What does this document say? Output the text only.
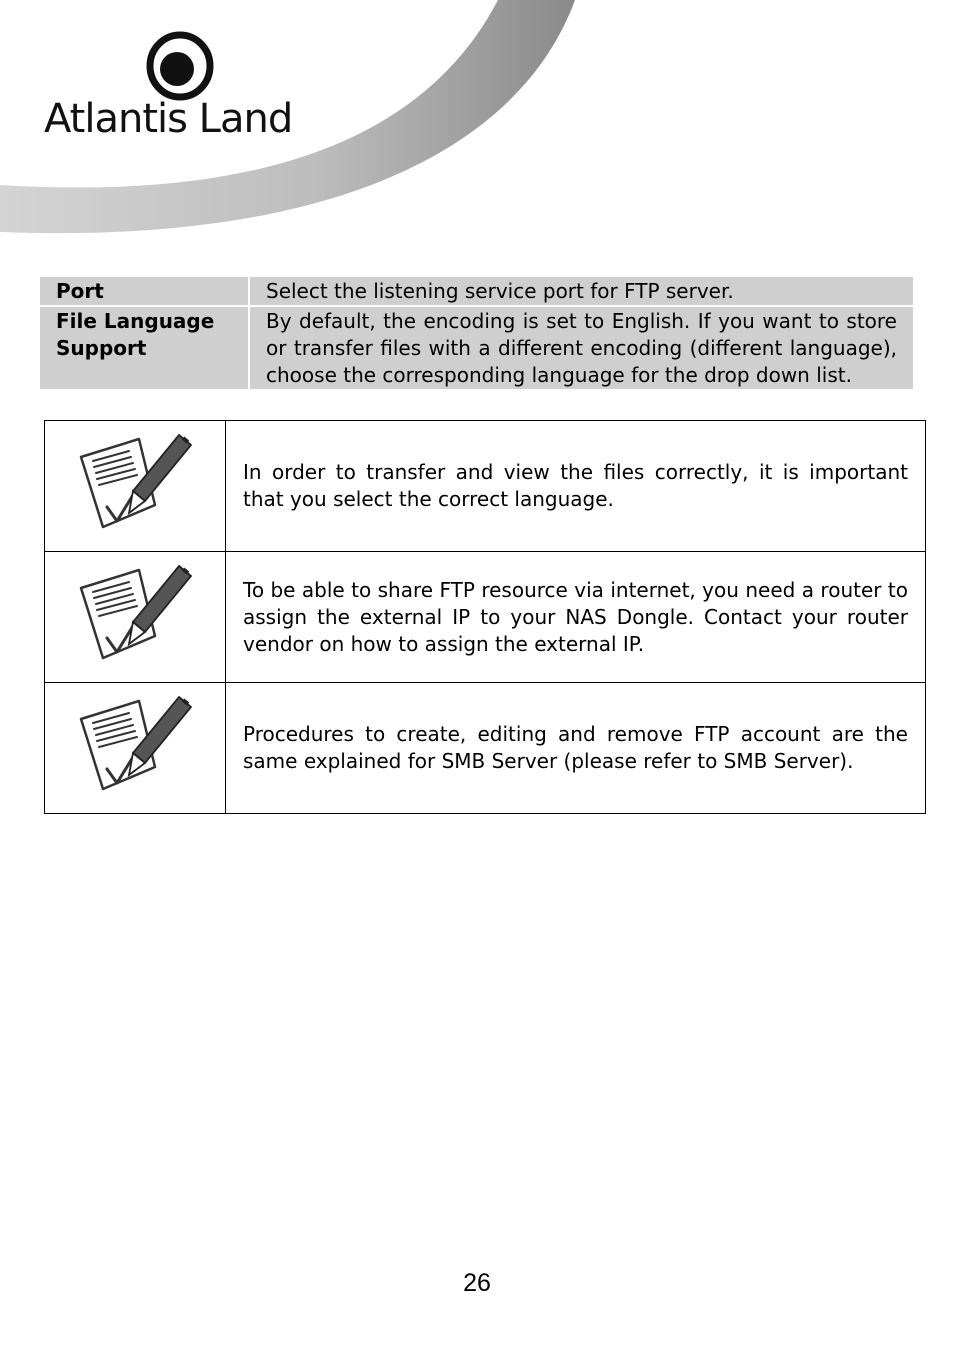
Atlantis Land
Port	Select the listening service port for FTP server.
File Language Support	By default, the encoding is set to English. If you want to store or transfer files with a different encoding (different language), choose the corresponding language for the drop down list.
	In order to transfer and view the files correctly, it is important that you select the correct language.

	To be able to share FTP resource via internet, you need a router to assign the external IP to your NAS Dongle. Contact your router vendor on how to assign the external IP.

	Procedures to create, editing and remove FTP account are the same explained for SMB Server (please refer to SMB Server).
26
